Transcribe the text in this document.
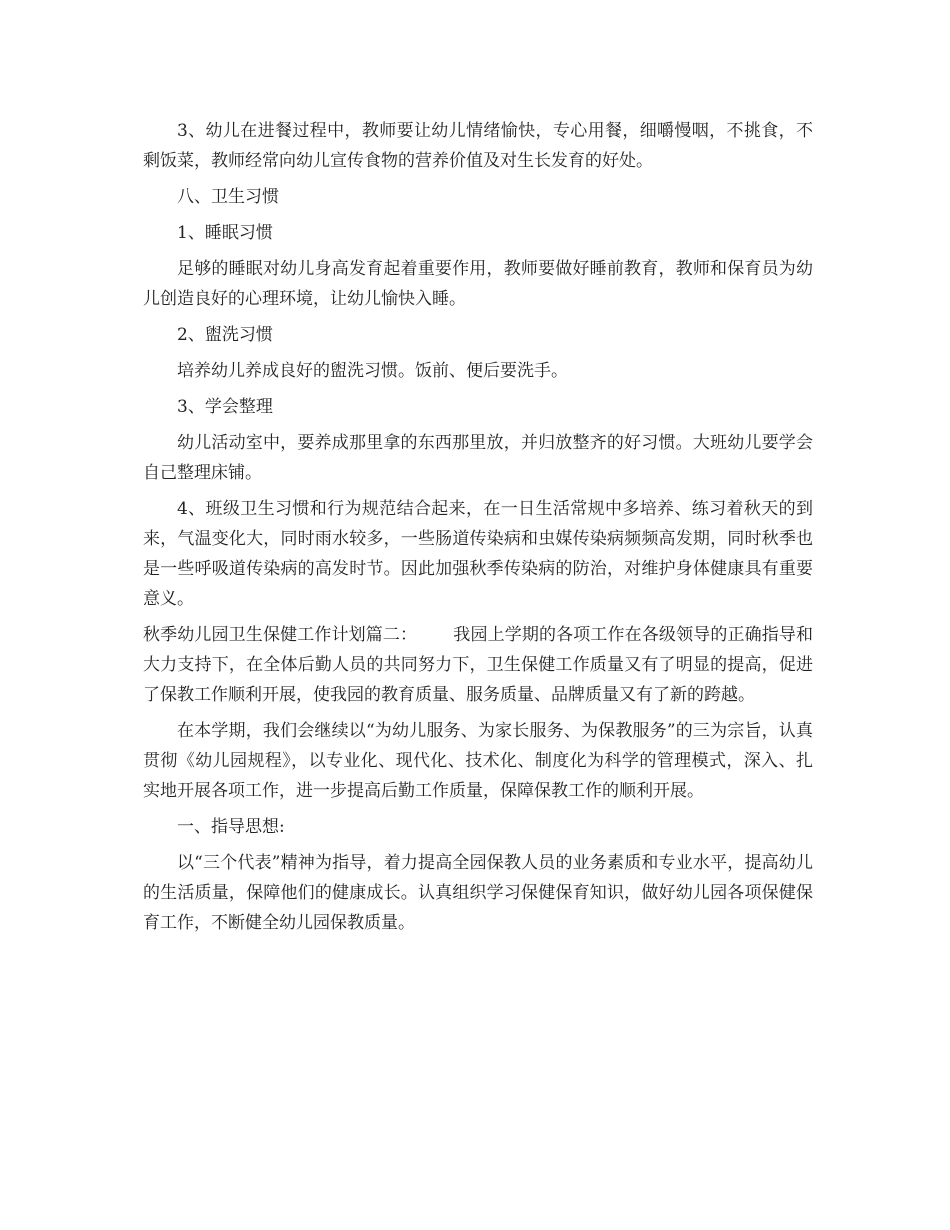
3、幼儿在进餐过程中，教师要让幼儿情绪愉快，专心用餐，细嚼慢咽，不挑食，不剩饭菜，教师经常向幼儿宣传食物的营养价值及对生长发育的好处。

八、卫生习惯

1、睡眠习惯

足够的睡眠对幼儿身高发育起着重要作用，教师要做好睡前教育，教师和保育员为幼儿创造良好的心理环境，让幼儿愉快入睡。

2、盥洗习惯

培养幼儿养成良好的盥洗习惯。饭前、便后要洗手。

3、学会整理

幼儿活动室中，要养成那里拿的东西那里放，并归放整齐的好习惯。大班幼儿要学会自己整理床铺。

4、班级卫生习惯和行为规范结合起来，在一日生活常规中多培养、练习着秋天的到来，气温变化大，同时雨水较多，一些肠道传染病和虫媒传染病频频高发期，同时秋季也是一些呼吸道传染病的高发时节。因此加强秋季传染病的防治，对维护身体健康具有重要意义。

秋季幼儿园卫生保健工作计划篇二： 我园上学期的各项工作在各级领导的正确指导和大力支持下，在全体后勤人员的共同努力下，卫生保健工作质量又有了明显的提高，促进了保教工作顺利开展，使我园的教育质量、服务质量、品牌质量又有了新的跨越。

在本学期，我们会继续以“为幼儿服务、为家长服务、为保教服务”的三为宗旨，认真贯彻《幼儿园规程》，以专业化、现代化、技术化、制度化为科学的管理模式，深入、扎实地开展各项工作，进一步提高后勤工作质量，保障保教工作的顺利开展。

一、指导思想:

以“三个代表”精神为指导，着力提高全园保教人员的业务素质和专业水平，提高幼儿的生活质量，保障他们的健康成长。认真组织学习保健保育知识，做好幼儿园各项保健保育工作，不断健全幼儿园保教质量。
